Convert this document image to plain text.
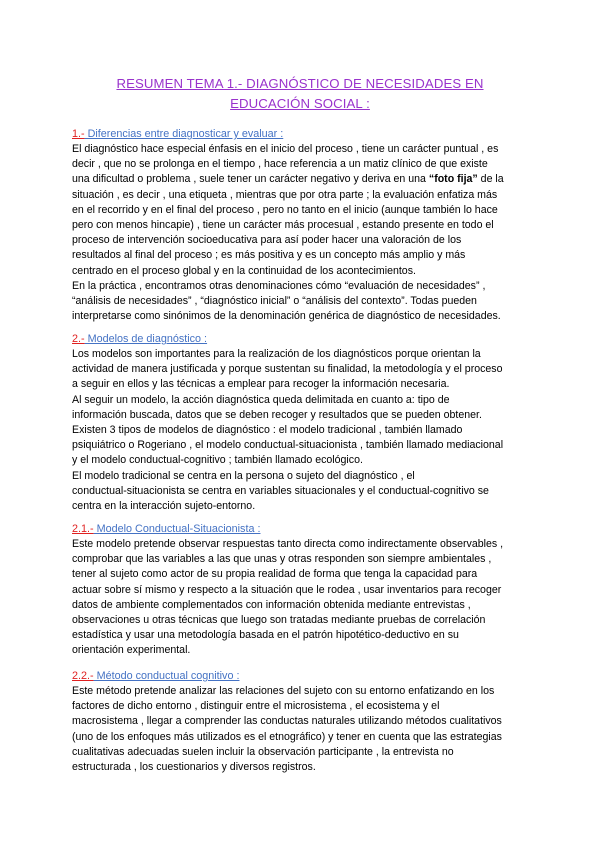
RESUMEN TEMA 1.- DIAGNÓSTICO DE NECESIDADES EN
EDUCACIÓN SOCIAL :
1.- Diferencias entre diagnosticar y evaluar :
El diagnóstico hace especial énfasis en el inicio del proceso , tiene un carácter puntual , es
decir , que no se prolonga en el tiempo , hace referencia a un matiz clínico de que existe
una dificultad o problema , suele tener un carácter negativo y deriva en una “foto fija” de la
situación , es decir , una etiqueta , mientras que por otra parte ; la evaluación enfatiza más
en el recorrido y en el final del proceso , pero no tanto en el inicio (aunque también lo hace
pero con menos hincapie) , tiene un carácter más procesual , estando presente en todo el
proceso de intervención socioeducativa para así poder hacer una valoración de los
resultados al final del proceso ; es más positiva y es un concepto más amplio y más
centrado en el proceso global y en la continuidad de los acontecimientos.
En la práctica , encontramos otras denominaciones cómo “evaluación de necesidades” ,
“análisis de necesidades” , “diagnóstico inicial” o “análisis del contexto”. Todas pueden
interpretarse como sinónimos de la denominación genérica de diagnóstico de necesidades.
2.- Modelos de diagnóstico :
Los modelos son importantes para la realización de los diagnósticos porque orientan la
actividad de manera justificada y porque sustentan su finalidad, la metodología y el proceso
a seguir en ellos y las técnicas a emplear para recoger la información necesaria.
Al seguir un modelo, la acción diagnóstica queda delimitada en cuanto a: tipo de
información buscada, datos que se deben recoger y resultados que se pueden obtener.
Existen 3 tipos de modelos de diagnóstico : el modelo tradicional , también llamado
psiquiátrico o Rogeriano , el modelo conductual-situacionista , también llamado mediacional
y el modelo conductual-cognitivo ; también llamado ecológico.
El modelo tradicional se centra en la persona o sujeto del diagnóstico , el
conductual-situacionista se centra en variables situacionales y el conductual-cognitivo se
centra en la interacción sujeto-entorno.
2.1.- Modelo Conductual-Situacionista :
Este modelo pretende observar respuestas tanto directa como indirectamente observables ,
comprobar que las variables a las que unas y otras responden son siempre ambientales ,
tener al sujeto como actor de su propia realidad de forma que tenga la capacidad para
actuar sobre sí mismo y respecto a la situación que le rodea , usar inventarios para recoger
datos de ambiente complementados con información obtenida mediante entrevistas ,
observaciones u otras técnicas que luego son tratadas mediante pruebas de correlación
estadística y usar una metodología basada en el patrón hipotético-deductivo en su
orientación experimental.
2.2.- Método conductual cognitivo :
Este método pretende analizar las relaciones del sujeto con su entorno enfatizando en los
factores de dicho entorno , distinguir entre el microsistema , el ecosistema y el
macrosistema , llegar a comprender las conductas naturales utilizando métodos cualitativos
(uno de los enfoques más utilizados es el etnográfico) y tener en cuenta que las estrategias
cualitativas adecuadas suelen incluir la observación participante , la entrevista no
estructurada , los cuestionarios y diversos registros.
